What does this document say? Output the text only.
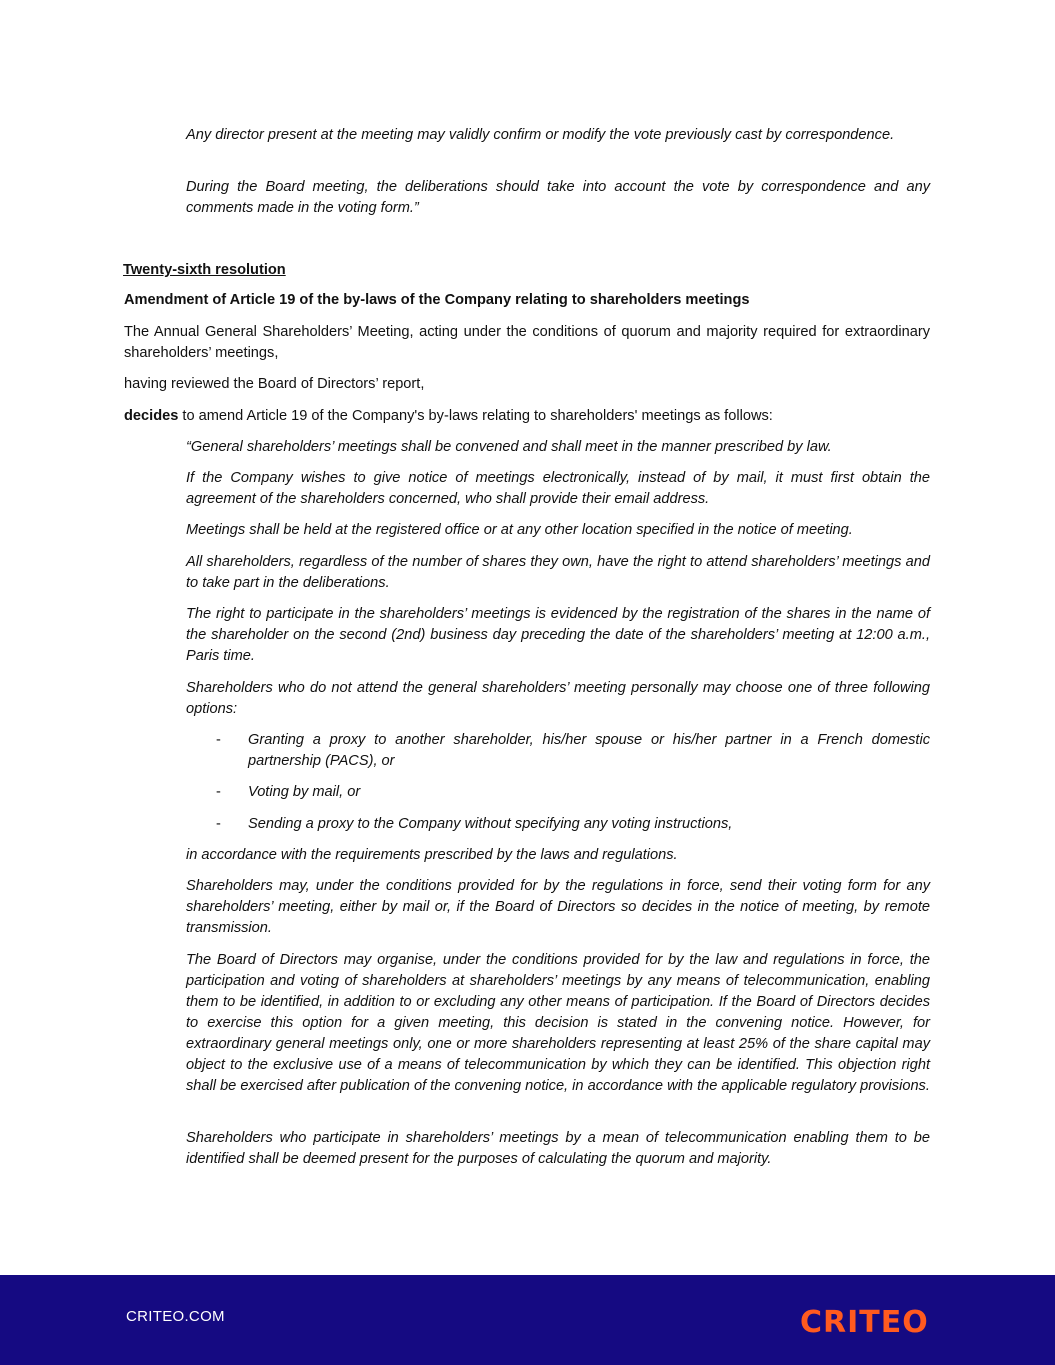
Any director present at the meeting may validly confirm or modify the vote previously cast by correspondence.

During the Board meeting, the deliberations should take into account the vote by correspondence and any comments made in the voting form.”

Twenty-sixth resolution

Amendment of Article 19 of the by-laws of the Company relating to shareholders meetings

The Annual General Shareholders’ Meeting, acting under the conditions of quorum and majority required for extraordinary shareholders’ meetings,

having reviewed the Board of Directors’ report,

decides to amend Article 19 of the Company's by-laws relating to shareholders' meetings as follows:

“General shareholders’ meetings shall be convened and shall meet in the manner prescribed by law.

If the Company wishes to give notice of meetings electronically, instead of by mail, it must first obtain the agreement of the shareholders concerned, who shall provide their email address.

Meetings shall be held at the registered office or at any other location specified in the notice of meeting.

All shareholders, regardless of the number of shares they own, have the right to attend shareholders’ meetings and to take part in the deliberations.

The right to participate in the shareholders’ meetings is evidenced by the registration of the shares in the name of the shareholder on the second (2nd) business day preceding the date of the shareholders’ meeting at 12:00 a.m., Paris time.

Shareholders who do not attend the general shareholders’ meeting personally may choose one of three following options:

- Granting a proxy to another shareholder, his/her spouse or his/her partner in a French domestic partnership (PACS), or

- Voting by mail, or

- Sending a proxy to the Company without specifying any voting instructions,

in accordance with the requirements prescribed by the laws and regulations.

Shareholders may, under the conditions provided for by the regulations in force, send their voting form for any shareholders’ meeting, either by mail or, if the Board of Directors so decides in the notice of meeting, by remote transmission.

The Board of Directors may organise, under the conditions provided for by the law and regulations in force, the participation and voting of shareholders at shareholders’ meetings by any means of telecommunication, enabling them to be identified, in addition to or excluding any other means of participation. If the Board of Directors decides to exercise this option for a given meeting, this decision is stated in the convening notice. However, for extraordinary general meetings only, one or more shareholders representing at least 25% of the share capital may object to the exclusive use of a means of telecommunication by which they can be identified. This objection right shall be exercised after publication of the convening notice, in accordance with the applicable regulatory provisions.

Shareholders who participate in shareholders’ meetings by a mean of telecommunication enabling them to be identified shall be deemed present for the purposes of calculating the quorum and majority.

CRITEO.COM	CRITEO
